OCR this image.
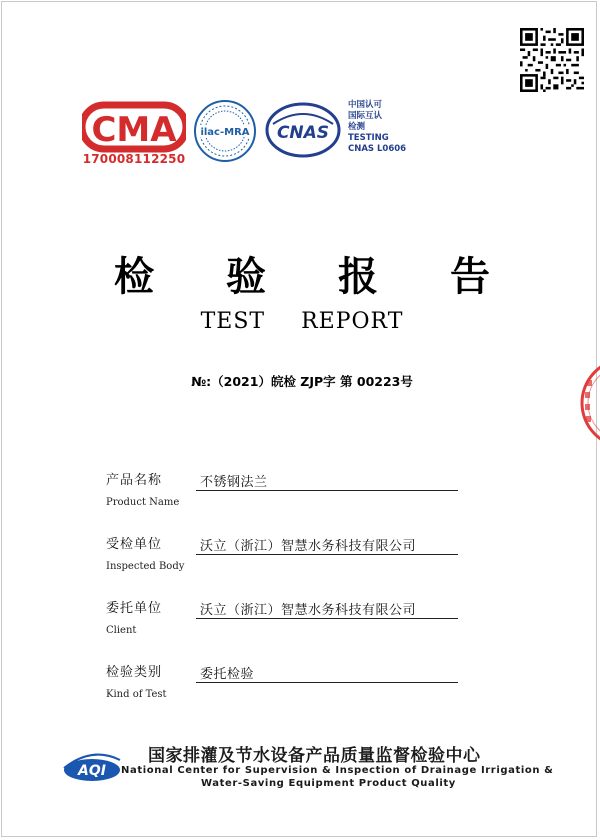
CMA
170008112250
ilac-MRA CNAS
中国认可
国际互认
检测
TESTING
CNAS L0606
检验报告
TEST REPORT
№:（2021）皖检 ZJP字 第 00223号
产品名称
Product Name
不锈钢法兰
受检单位
Inspected Body
沃立（浙江）智慧水务科技有限公司
委托单位
Client
沃立（浙江）智慧水务科技有限公司
检验类别
Kind of Test
委托检验
AQI
国家排灌及节水设备产品质量监督检验中心
National Center for Supervision & Inspection of Drainage Irrigation &
Water-Saving Equipment Product Quality
